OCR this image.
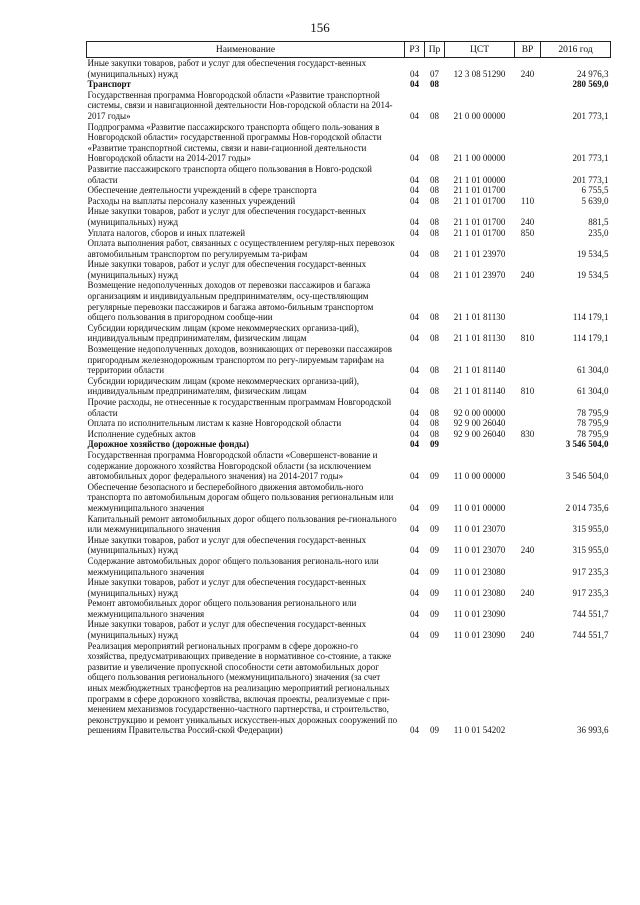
156
Наименование	РЗ	Пр	ЦСТ	ВР	2016 год
Иные закупки товаров, работ и услуг для обеспечения государст-венных (муниципальных) нужд	04	07	12 3 08 51290	240	24 976,3
Транспорт	04	08			280 569,0
Государственная программа Новгородской области «Развитие транспортной системы, связи и навигационной деятельности Нов-городской области на 2014-2017 годы»	04	08	21 0 00 00000		201 773,1
Подпрограмма «Развитие пассажирского транспорта общего поль-зования в Новгородской области» государственной программы Нов-городской области «Развитие транспортной системы, связи и нави-гационной деятельности Новгородской области на 2014-2017 годы»	04	08	21 1 00 00000		201 773,1
Развитие пассажирского транспорта общего пользования в Новго-родской области	04	08	21 1 01 00000		201 773,1
Обеспечение деятельности учреждений в сфере транспорта	04	08	21 1 01 01700		6 755,5
Расходы на выплаты персоналу казенных учреждений	04	08	21 1 01 01700	110	5 639,0
Иные закупки товаров, работ и услуг для обеспечения государст-венных (муниципальных) нужд	04	08	21 1 01 01700	240	881,5
Уплата налогов, сборов и иных платежей	04	08	21 1 01 01700	850	235,0
Оплата выполнения работ, связанных с осуществлением регуляр-ных перевозок автомобильным транспортом по регулируемым та-рифам	04	08	21 1 01 23970		19 534,5
Иные закупки товаров, работ и услуг для обеспечения государст-венных (муниципальных) нужд	04	08	21 1 01 23970	240	19 534,5
Возмещение недополученных доходов от перевозки пассажиров и багажа организациям и индивидуальным предпринимателям, осу-ществляющим регулярные перевозки пассажиров и багажа автомо-бильным транспортом общего пользования в пригородном сообще-нии	04	08	21 1 01 81130		114 179,1
Субсидии юридическим лицам (кроме некоммерческих организа-ций), индивидуальным предпринимателям, физическим лицам	04	08	21 1 01 81130	810	114 179,1
Возмещение недополученных доходов, возникающих от перевозки пассажиров пригородным железнодорожным транспортом по регу-лируемым тарифам на территории области	04	08	21 1 01 81140		61 304,0
Субсидии юридическим лицам (кроме некоммерческих организа-ций), индивидуальным предпринимателям, физическим лицам	04	08	21 1 01 81140	810	61 304,0
Прочие расходы, не отнесенные к государственным программам Новгородской области	04	08	92 0 00 00000		78 795,9
Оплата по исполнительным листам к казне Новгородской области	04	08	92 9 00 26040		78 795,9
Исполнение судебных актов	04	08	92 9 00 26040	830	78 795,9
Дорожное хозяйство (дорожные фонды)	04	09			3 546 504,0
Государственная программа Новгородской области «Совершенст-вование и содержание дорожного хозяйства Новгородской области (за исключением автомобильных дорог федерального значения) на 2014-2017 годы»	04	09	11 0 00 00000		3 546 504,0
Обеспечение безопасного и бесперебойного движения автомобиль-ного транспорта по автомобильным дорогам общего пользования региональным или межмуниципального значения	04	09	11 0 01 00000		2 014 735,6
Капитальный ремонт автомобильных дорог общего пользования ре-гионального или межмуниципального значения	04	09	11 0 01 23070		315 955,0
Иные закупки товаров, работ и услуг для обеспечения государст-венных (муниципальных) нужд	04	09	11 0 01 23070	240	315 955,0
Содержание автомобильных дорог общего пользования региональ-ного или межмуниципального значения	04	09	11 0 01 23080		917 235,3
Иные закупки товаров, работ и услуг для обеспечения государст-венных (муниципальных) нужд	04	09	11 0 01 23080	240	917 235,3
Ремонт автомобильных дорог общего пользования регионального или межмуниципального значения	04	09	11 0 01 23090		744 551,7
Иные закупки товаров, работ и услуг для обеспечения государст-венных (муниципальных) нужд	04	09	11 0 01 23090	240	744 551,7
Реализация мероприятий региональных программ в сфере дорожно-го хозяйства, предусматривающих приведение в нормативное со-стояние, а также развитие и увеличение пропускной способности сети автомобильных дорог общего пользования регионального (межмуниципального) значения (за счет иных межбюджетных трансфертов на реализацию мероприятий региональных программ в сфере дорожного хозяйства, включая проекты, реализуемые с при-менением механизмов государственно-частного партнерства, и строительство, реконструкцию и ремонт уникальных искусствен-ных дорожных сооружений по решениям Правительства Россий-ской Федерации)	04	09	11 0 01 54202		36 993,6
